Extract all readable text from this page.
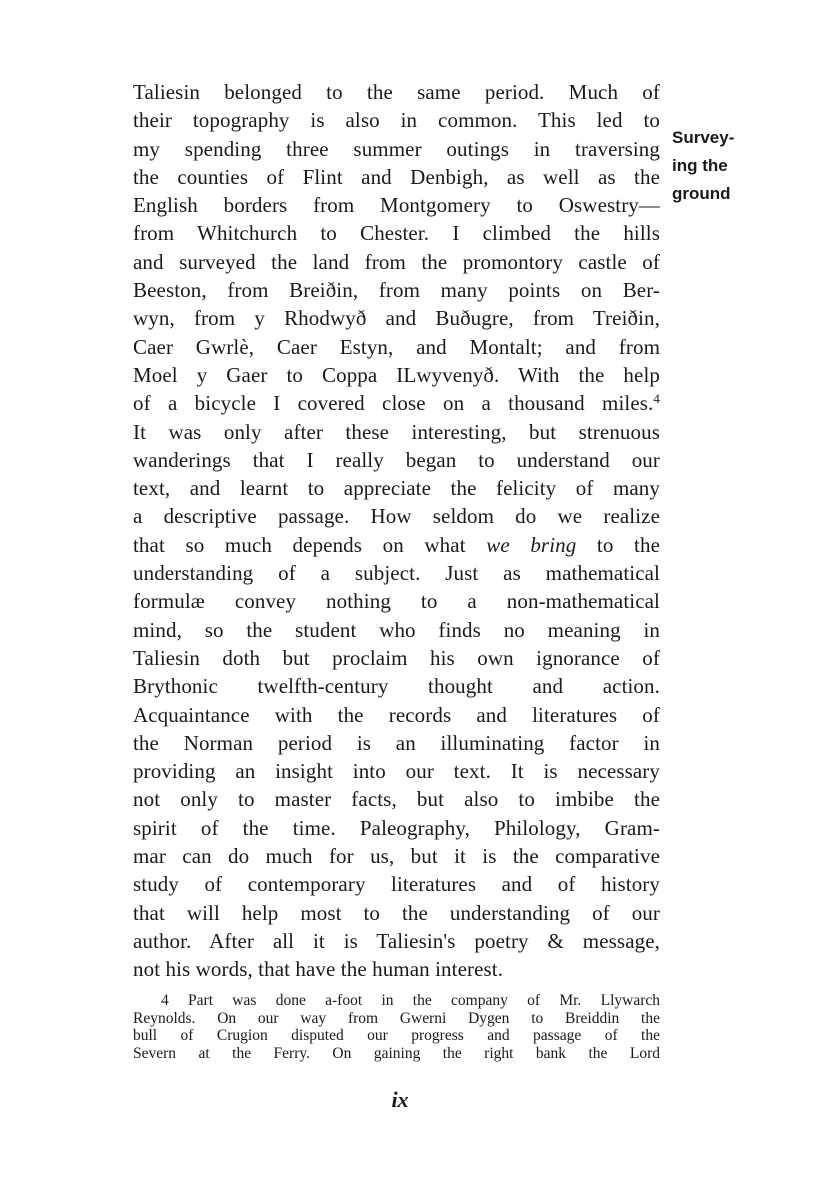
Taliesin belonged to the same period. Much of
their topography is also in common. This led to
my spending three summer outings in traversing
the counties of Flint and Denbigh, as well as the
English borders from Montgomery to Oswestry—
from Whitchurch to Chester. I climbed the hills
and surveyed the land from the promontory castle of
Beeston, from Breiðin, from many points on Ber-
wyn, from y Rhodwyð and Buðugre, from Treiðin,
Caer Gwrlè, Caer Estyn, and Montalt; and from
Moel y Gaer to Coppa ILwyvenyð. With the help
of a bicycle I covered close on a thousand miles.$^4$
It was only after these interesting, but strenuous
wanderings that I really began to understand our
text, and learnt to appreciate the felicity of many
a descriptive passage. How seldom do we realize
that so much depends on what we bring to the
understanding of a subject. Just as mathematical
formulæ convey nothing to a non-mathematical
mind, so the student who finds no meaning in
Taliesin doth but proclaim his own ignorance of
Brythonic twelfth-century thought and action.
Acquaintance with the records and literatures of
the Norman period is an illuminating factor in
providing an insight into our text. It is necessary
not only to master facts, but also to imbibe the
spirit of the time. Paleography, Philology, Gram-
mar can do much for us, but it is the comparative
study of contemporary literatures and of history
that will help most to the understanding of our
author. After all it is Taliesin's poetry & message,
not his words, that have the human interest.
Survey-
ing the
ground
4 Part was done a-foot in the company of Mr. Llywarch
Reynolds. On our way from Gwerni Dygen to Breiddin the
bull of Crugion disputed our progress and passage of the
Severn at the Ferry. On gaining the right bank the Lord
ix
